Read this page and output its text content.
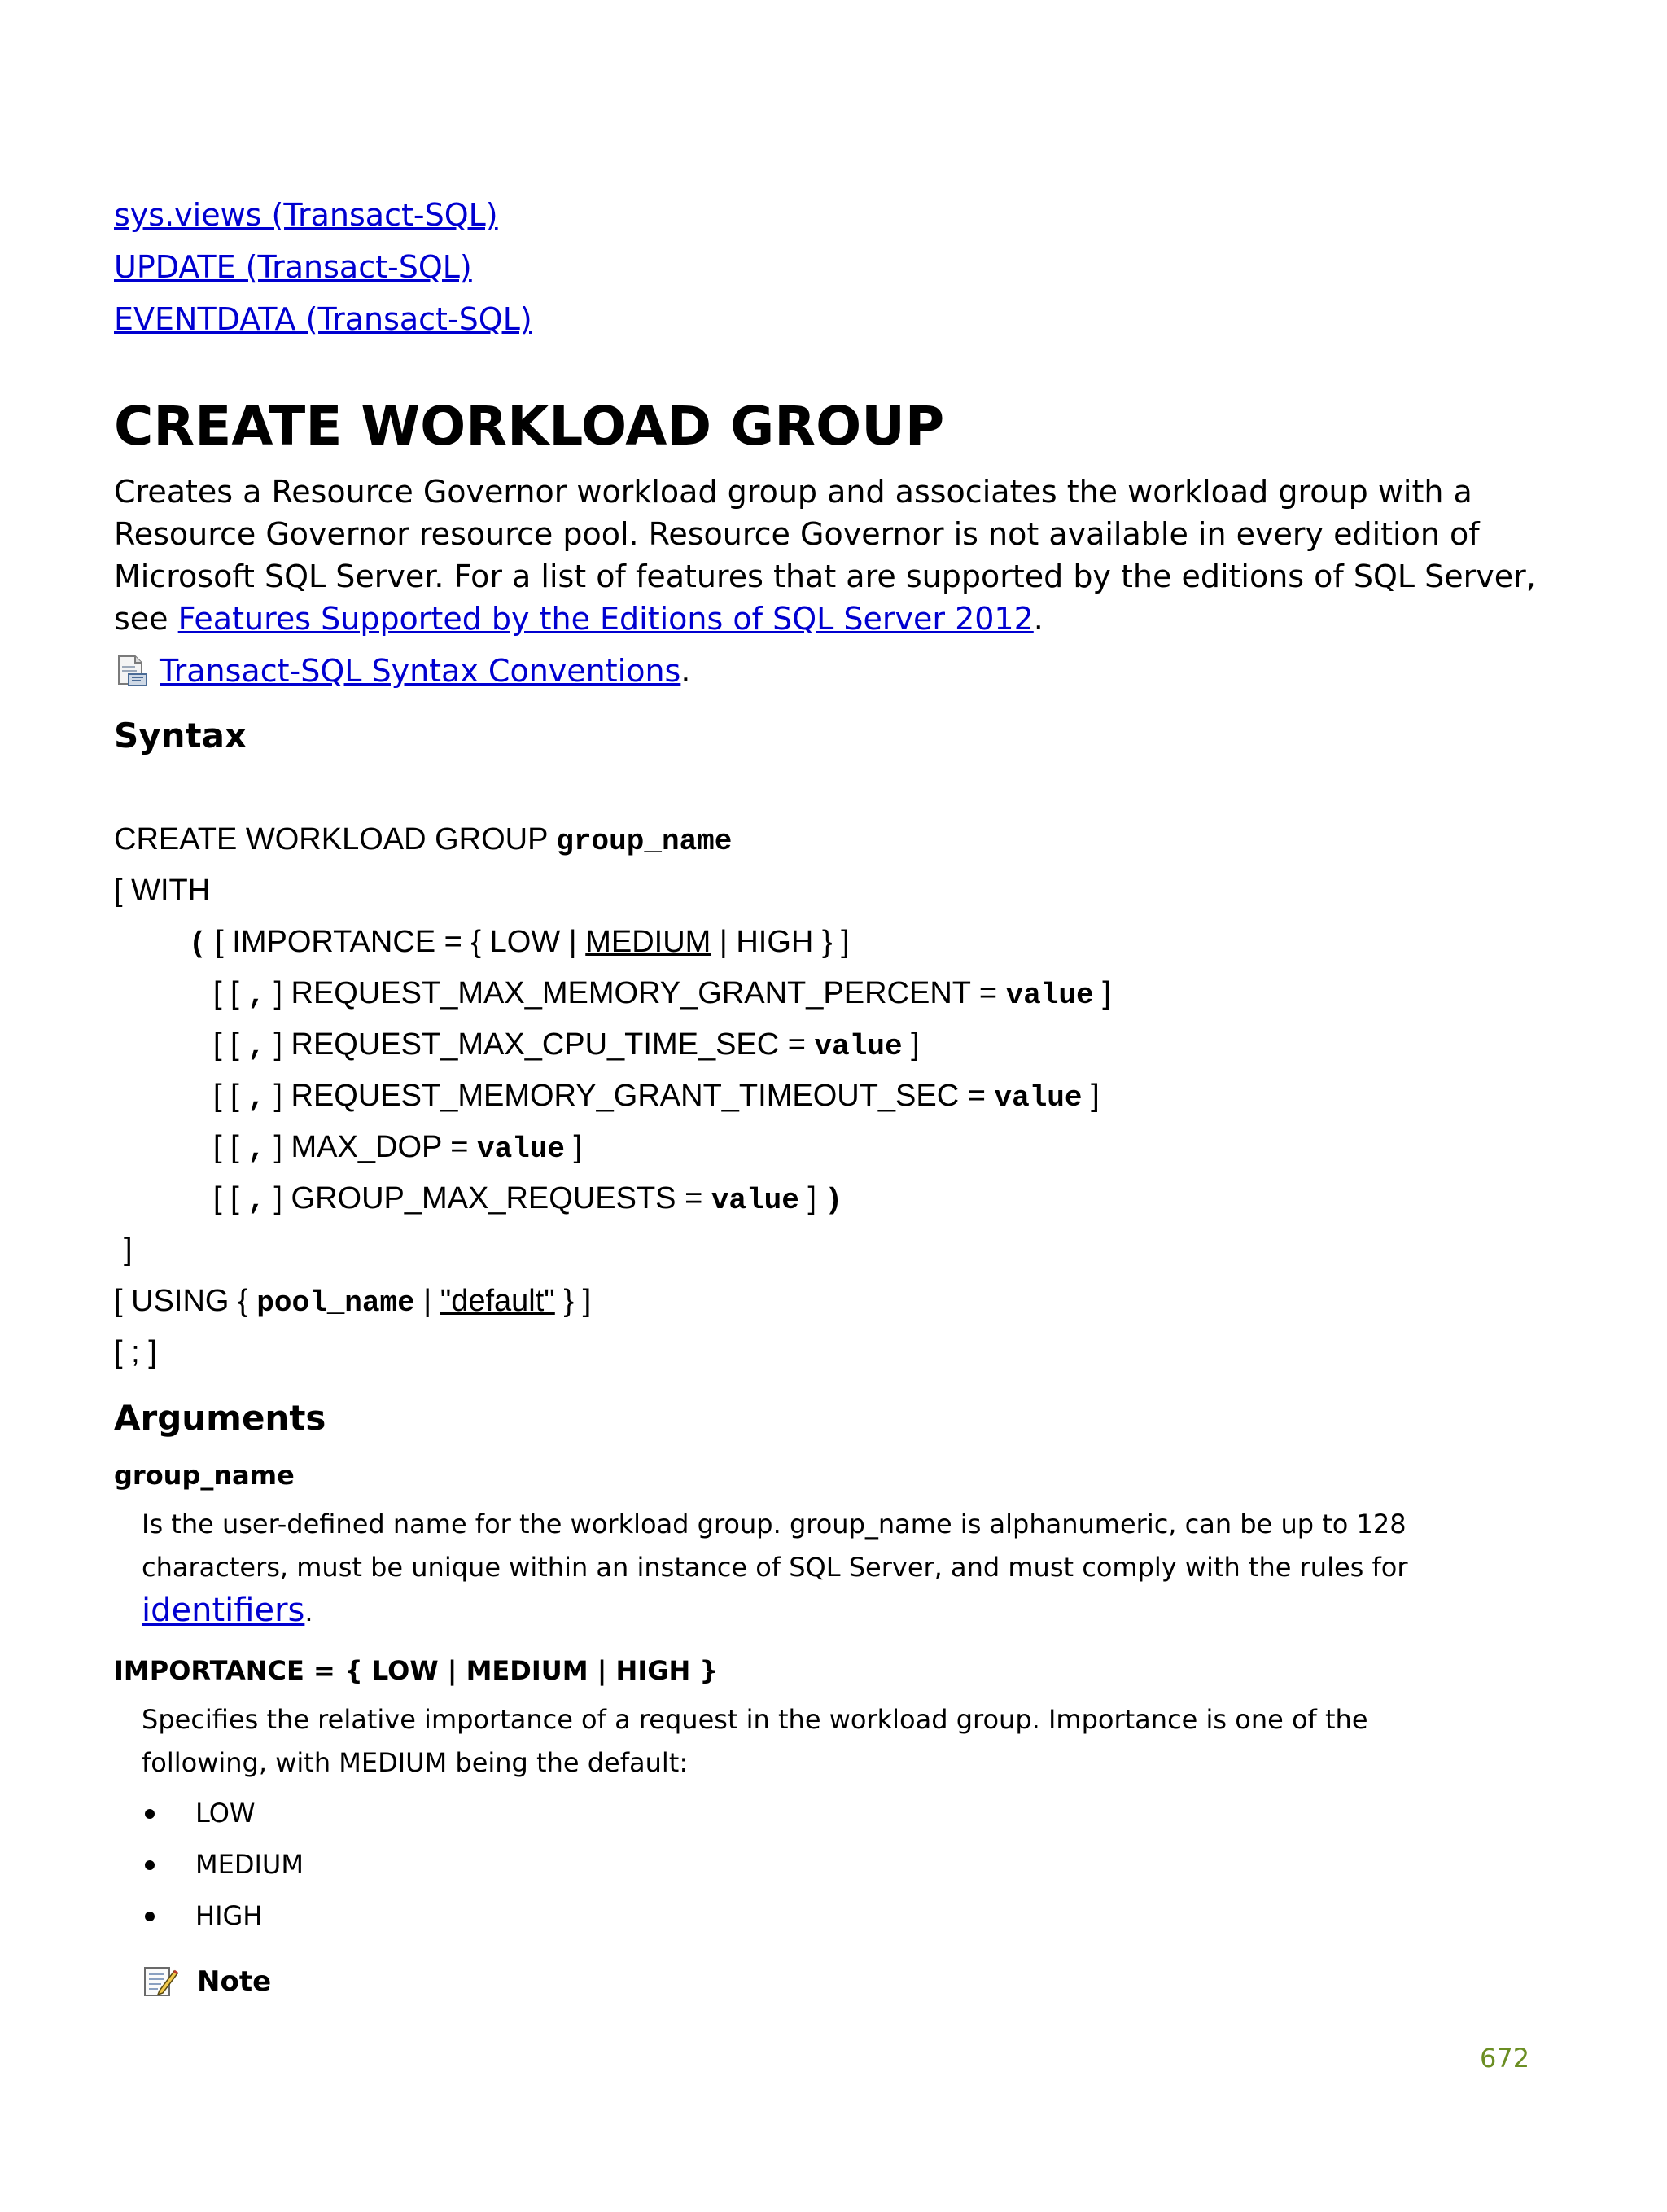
sys.views (Transact-SQL)
UPDATE (Transact-SQL)
EVENTDATA (Transact-SQL)
CREATE WORKLOAD GROUP

Creates a Resource Governor workload group and associates the workload group with a Resource Governor resource pool. Resource Governor is not available in every edition of Microsoft SQL Server. For a list of features that are supported by the editions of SQL Server, see Features Supported by the Editions of SQL Server 2012.

Transact-SQL Syntax Conventions .
Syntax
CREATE WORKLOAD GROUP group_name
[ WITH
( [ IMPORTANCE = { LOW | MEDIUM | HIGH } ]
[ [ , ] REQUEST_MAX_MEMORY_GRANT_PERCENT = value ]
[ [ , ] REQUEST_MAX_CPU_TIME_SEC = value ]
[ [ , ] REQUEST_MEMORY_GRANT_TIMEOUT_SEC = value ]
[ [ , ] MAX_DOP = value ]
[ [ , ] GROUP_MAX_REQUESTS = value ] )
]
[ USING { pool_name | "default" } ]
[ ; ]
Arguments

group_name

Is the user-defined name for the workload group. group_name is alphanumeric, can be up to 128 characters, must be unique within an instance of SQL Server, and must comply with the rules for identifiers.

IMPORTANCE = { LOW | MEDIUM | HIGH }

Specifies the relative importance of a request in the workload group. Importance is one of the following, with MEDIUM being the default:

LOW
MEDIUM
HIGH
Note
672
